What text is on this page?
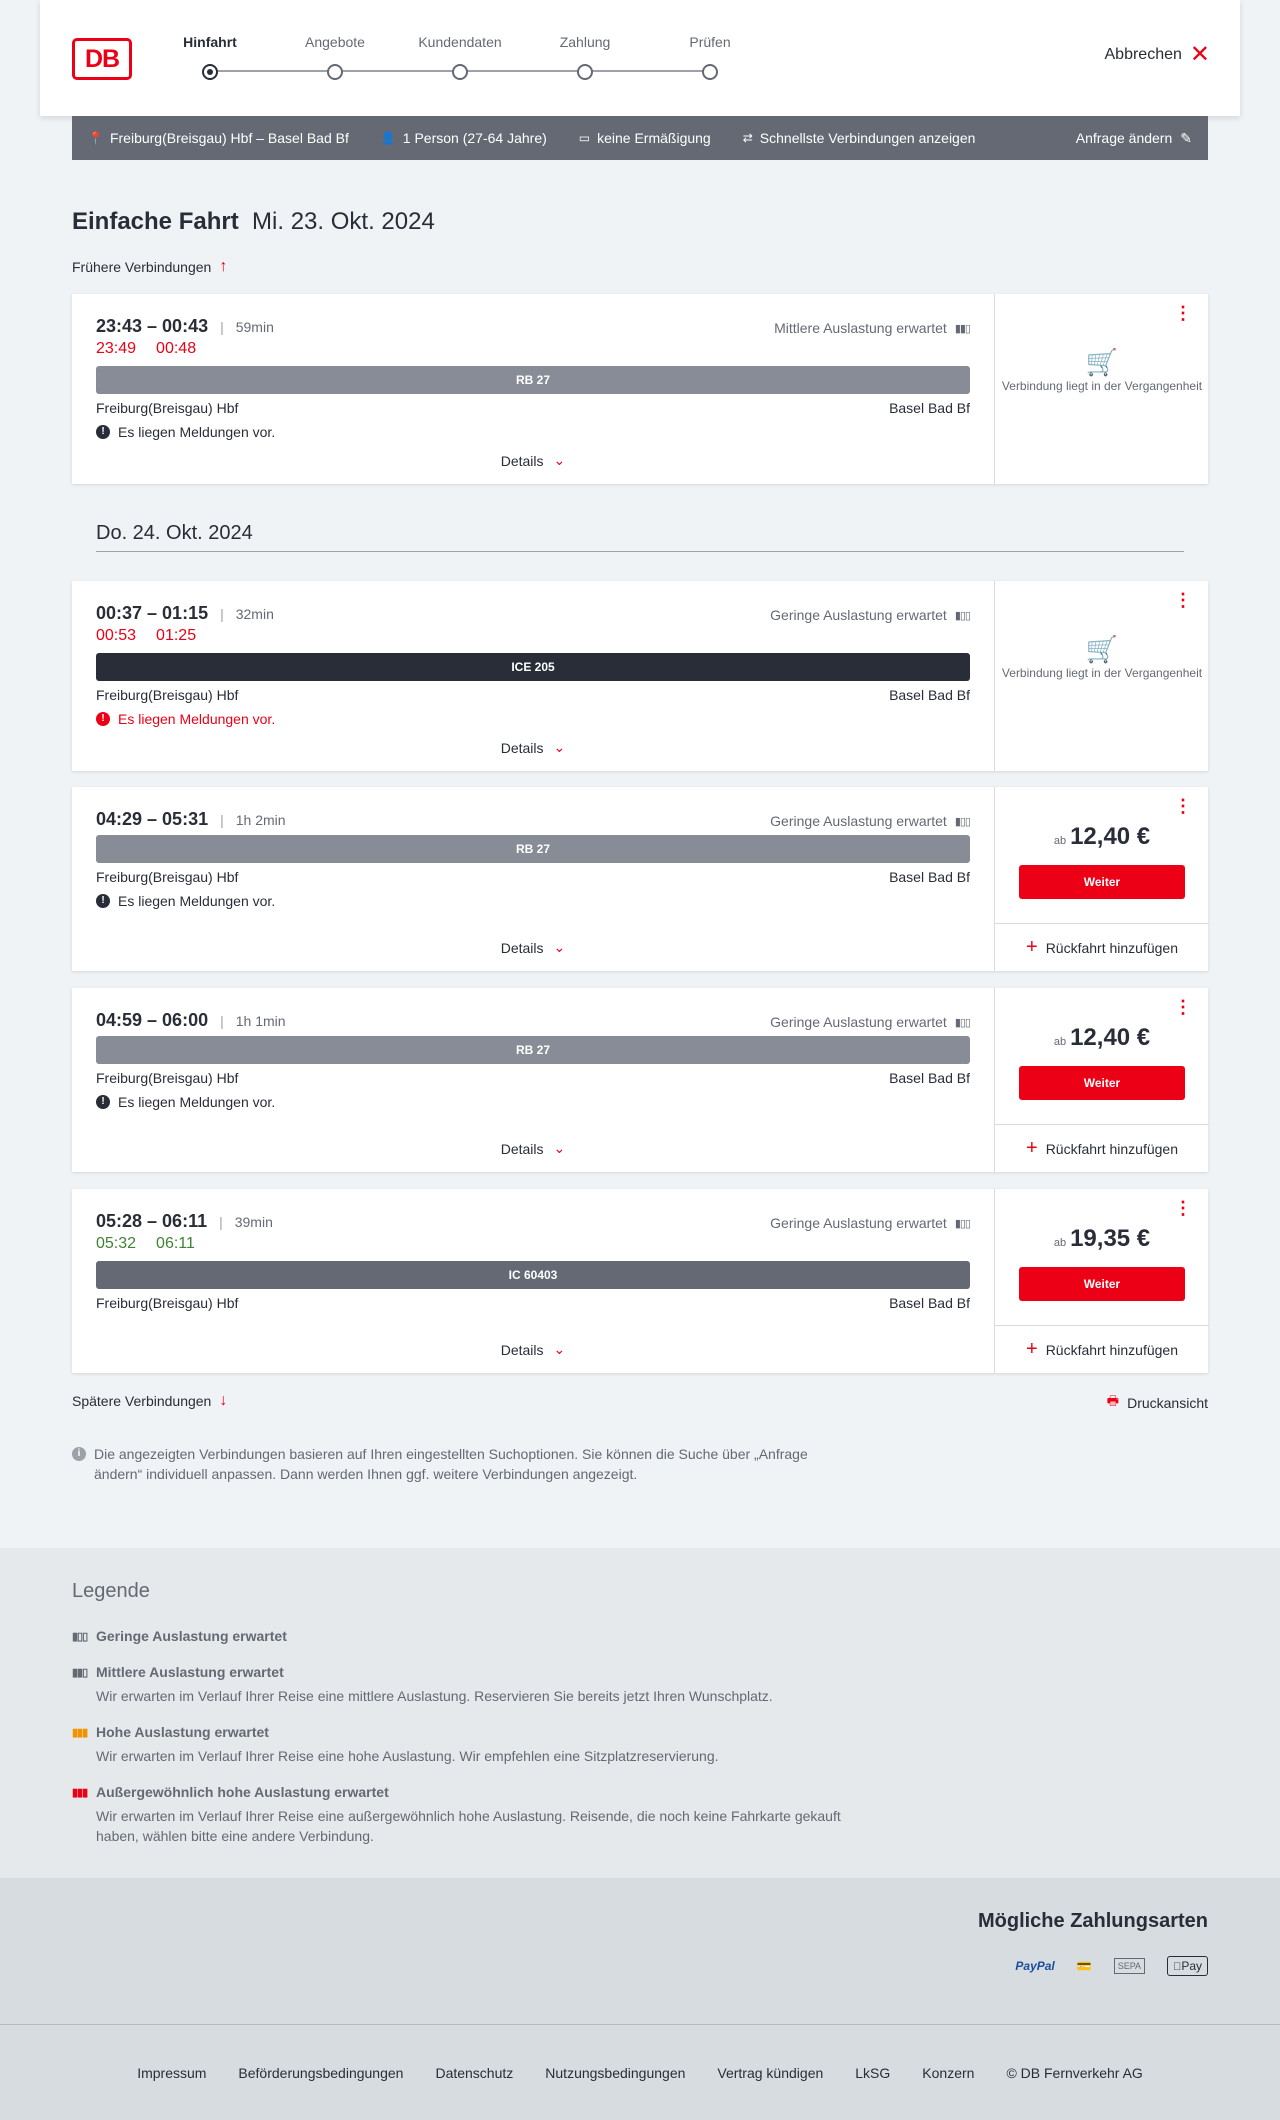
DB
Hinfahrt	Angebote	Kundendaten	Zahlung	Prüfen
Abbrechen ✕
📍 Freiburg(Breisgau) Hbf – Basel Bad Bf	👤 1 Person (27-64 Jahre)	▭ keine Ermäßigung	⇄ Schnellste Verbindungen anzeigen	Anfrage ändern ✎
Einfache Fahrt Mi. 23. Okt. 2024
Frühere Verbindungen ↑
23:43 – 00:43 | 59min	Mittlere Auslastung erwartet ▮▮▯
23:49 00:48
RB 27
Freiburg(Breisgau) Hbf	Basel Bad Bf
! Es liegen Meldungen vor.
Details ⌄
⋮
🛒
Verbindung liegt in der Vergangenheit
Do. 24. Okt. 2024
00:37 – 01:15 | 32min	Geringe Auslastung erwartet ▮▯▯
00:53 01:25
ICE 205
Freiburg(Breisgau) Hbf	Basel Bad Bf
! Es liegen Meldungen vor.
Details ⌄
⋮
🛒
Verbindung liegt in der Vergangenheit
04:29 – 05:31 | 1h 2min	Geringe Auslastung erwartet ▮▯▯
RB 27
Freiburg(Breisgau) Hbf	Basel Bad Bf
! Es liegen Meldungen vor.
Details ⌄
⋮
ab 12,40 €
Weiter
+ Rückfahrt hinzufügen
04:59 – 06:00 | 1h 1min	Geringe Auslastung erwartet ▮▯▯
RB 27
Freiburg(Breisgau) Hbf	Basel Bad Bf
! Es liegen Meldungen vor.
Details ⌄
⋮
ab 12,40 €
Weiter
+ Rückfahrt hinzufügen
05:28 – 06:11 | 39min	Geringe Auslastung erwartet ▮▯▯
05:32 06:11
IC 60403
Freiburg(Breisgau) Hbf	Basel Bad Bf
Details ⌄
⋮
ab 19,35 €
Weiter
+ Rückfahrt hinzufügen
Spätere Verbindungen ↓	🖶 Druckansicht
i Die angezeigten Verbindungen basieren auf Ihren eingestellten Suchoptionen. Sie können die Suche über „Anfrage ändern“ individuell anpassen. Dann werden Ihnen ggf. weitere Verbindungen angezeigt.
Legende
▮▯▯ Geringe Auslastung erwartet
▮▮▯ Mittlere Auslastung erwartet
Wir erwarten im Verlauf Ihrer Reise eine mittlere Auslastung. Reservieren Sie bereits jetzt Ihren Wunschplatz.
▮▮▮ Hohe Auslastung erwartet
Wir erwarten im Verlauf Ihrer Reise eine hohe Auslastung. Wir empfehlen eine Sitzplatzreservierung.
▮▮▮ Außergewöhnlich hohe Auslastung erwartet
Wir erwarten im Verlauf Ihrer Reise eine außergewöhnlich hohe Auslastung. Reisende, die noch keine Fahrkarte gekauft haben, wählen bitte eine andere Verbindung.
Mögliche Zahlungsarten
PayPal	💳	SEPA	Pay
Impressum Beförderungsbedingungen Datenschutz Nutzungsbedingungen Vertrag kündigen LkSG Konzern © DB Fernverkehr AG
